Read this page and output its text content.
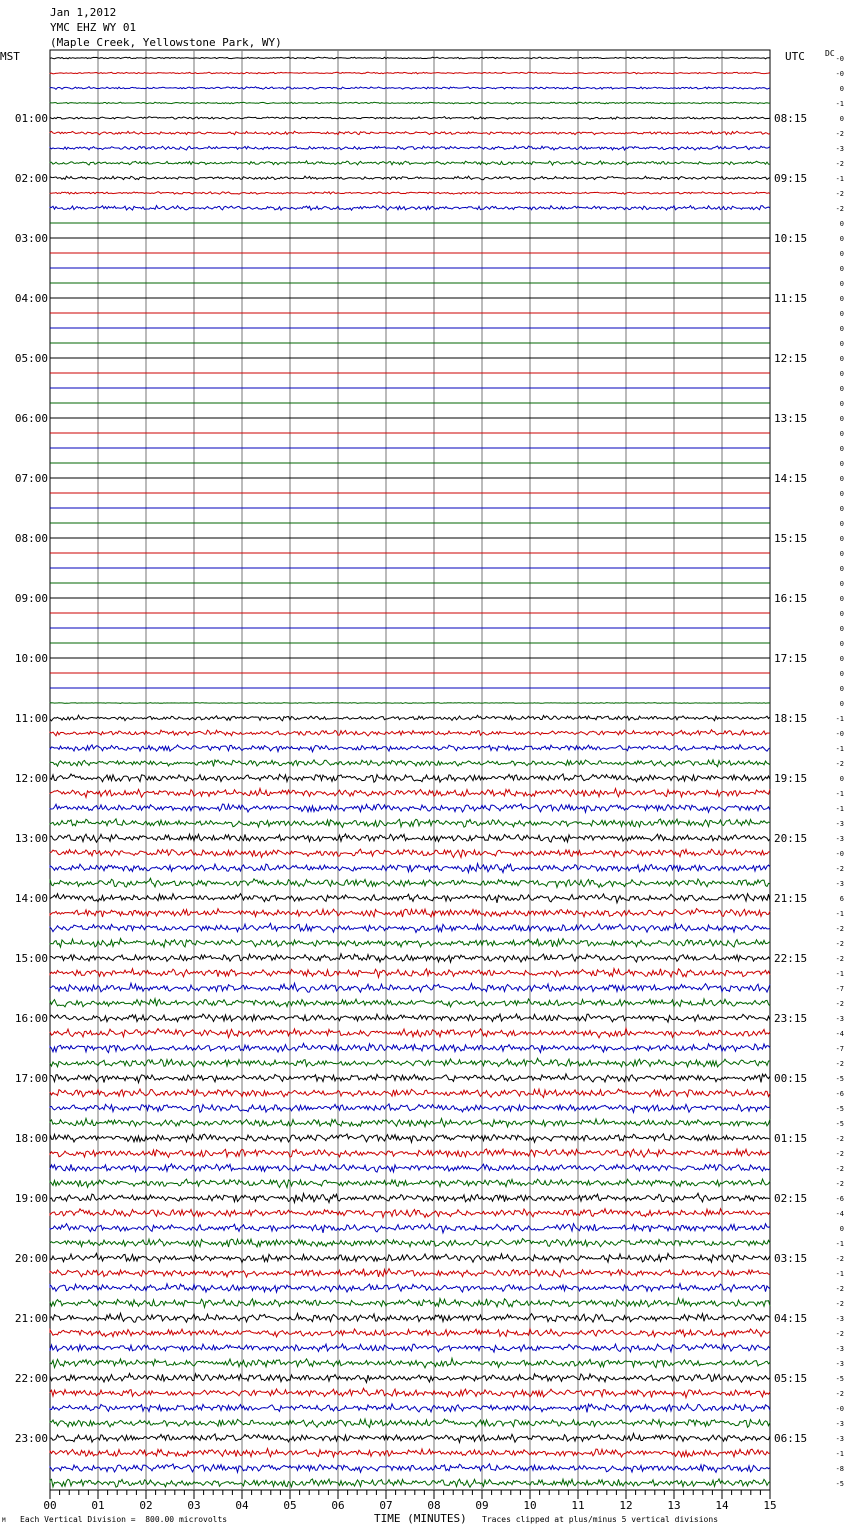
Jan 1,2012
YMC EHZ WY 01
(Maple Creek, Yellowstone Park, WY)
MST	UTC	DC
TIME (MINUTES)
Each Vertical Division =  800.00 microvolts	Traces clipped at plus/minus 5 vertical divisions
M
-0
-0
0
-1
0
-2
-3
-2
-1
-2
-2
0
0
0
0
0
0
0
0
0
0
0
0
0
0
0
0
0
0
0
0
0
0
0
0
0
0
0
0
0
0
0
0
0
-1
-0
-1
-2
0
-1
-1
-3
-3
-0
-2
-3
6
-1
-2
-2
-2
-1
-7
-2
-3
-4
-7
-2
-5
-6
-5
-5
-2
-2
-2
-2
-6
-4
0
-1
-2
-1
-2
-2
-3
-2
-3
-3
-5
-2
-0
-3
-3
-1
-8
-5
01:00
02:00
03:00
04:00
05:00
06:00
07:00
08:00
09:00
10:00
11:00
12:00
13:00
14:00
15:00
16:00
17:00
18:00
19:00
20:00
21:00
22:00
23:00
08:15
09:15
10:15
11:15
12:15
13:15
14:15
15:15
16:15
17:15
18:15
19:15
20:15
21:15
22:15
23:15
00:15
01:15
02:15
03:15
04:15
05:15
06:15
00	01	02	03	04	05	06	07	08	09	10	11	12	13	14	15
